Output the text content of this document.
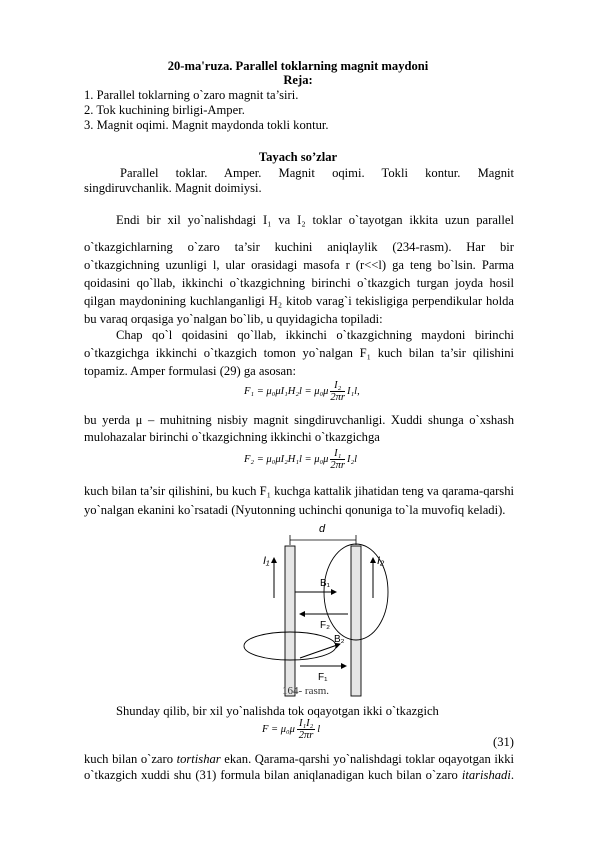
20-ma'ruza. Parallel toklarning magnit maydoni
Reja:
1. Parallel toklarning o`zaro magnit ta’siri.
2. Tok kuchining birligi-Amper.
3. Magnit oqimi. Magnit maydonda tokli kontur.
Tayach so’zlar
Parallel toklar. Amper. Magnit oqimi. Tokli kontur. Magnit
singdiruvchanlik. Magnit doimiysi.
Endi bir xil yo`nalishdagi I₁ va I₂ toklar o`tayotgan ikkita uzun parallel
o`tkazgichlarning o`zaro ta’sir kuchini aniqlaylik (234-rasm). Har bir
o`tkazgichning uzunligi l, ular orasidagi masofa r (r<<l) ga teng bo`lsin. Parma
qoidasini qo`llab, ikkinchi o`tkazgichning birinchi o`tkazgich turgan joyda hosil
qilgan maydonining kuchlanganligi H₂ kitob varag`i tekisligiga perpendikular holda
bu varaq orqasiga yo`nalgan bo`lib, u quyidagicha topiladi:
Chap qo`l qoidasini qo`llab, ikkinchi o`tkazgichning maydoni birinchi
o`tkazgichga ikkinchi o`tkazgich tomon yo`nalgan F₁ kuch bilan ta’sir qilishini
topamiz. Amper formulasi (29) ga asosan:
$F_1 = \mu_0\mu I_1H_2l = \mu_0\mu \frac{\text{I₂}}{2\pi r} I_1l$,
bu yerda μ – muhitning nisbiy magnit singdiruvchanligi. Xuddi shunga o`xshash
mulohazalar birinchi o`tkazgichning ikkinchi o`tkazgichga
$F_2 = \mu_0\mu I_2H_1l = \mu_0\mu \frac{\text{I₁}}{2\pi r} I_2l$
kuch bilan ta’sir qilishini, bu kuch F₁ kuchga kattalik jihatidan teng va qarama-qarshi
yo`nalgan ekanini ko`rsatadi (Nyutonning uchinchi qonuniga to`la muvofiq keladi).
d
I₁	I₂
B₁
F₂
B₂
F₁
164- rasm.
Shunday qilib, bir xil yo`nalishda tok oqayotgan ikki o`tkazgich
$F = \mu_0\mu \frac{\text{I₁I₂}}{2\pi r}$ l
(31)
kuch bilan o`zaro tortishar ekan. Qarama-qarshi yo`nalishdagi toklar oqayotgan ikki
o`tkazgich xuddi shu (31) formula bilan aniqlanadigan kuch bilan o`zaro itarishadi.
